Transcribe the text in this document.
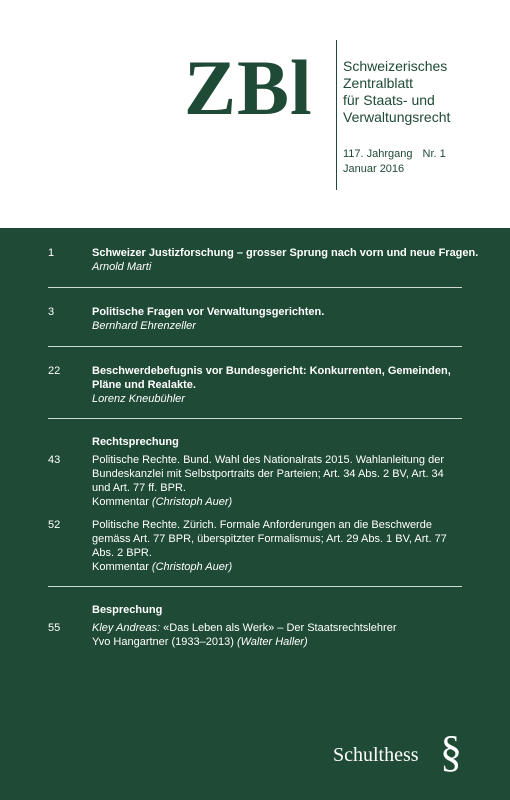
ZBl Schweizerisches
Zentralblatt
für Staats- und
Verwaltungsrecht
117. Jahrgang Nr. 1
Januar 2016
1	Schweizer Justizforschung – grosser Sprung nach vorn und neue Fragen.
Arnold Marti
3	Politische Fragen vor Verwaltungsgerichten.
Bernhard Ehrenzeller
22	Beschwerdebefugnis vor Bundesgericht: Konkurrenten, Gemeinden,
Pläne und Realakte.
Lorenz Kneubühler
Rechtsprechung
43	Politische Rechte. Bund. Wahl des Nationalrats 2015. Wahlanleitung der
Bundeskanzlei mit Selbstportraits der Parteien; Art. 34 Abs. 2 BV, Art. 34
und Art. 77 ff. BPR.
Kommentar (Christoph Auer)
52	Politische Rechte. Zürich. Formale Anforderungen an die Beschwerde
gemäss Art. 77 BPR, überspitzter Formalismus; Art. 29 Abs. 1 BV, Art. 77
Abs. 2 BPR.
Kommentar (Christoph Auer)
Besprechung
55	Kley Andreas: «Das Leben als Werk» – Der Staatsrechtslehrer
Yvo Hangartner (1933–2013) (Walter Haller)
Schulthess §
